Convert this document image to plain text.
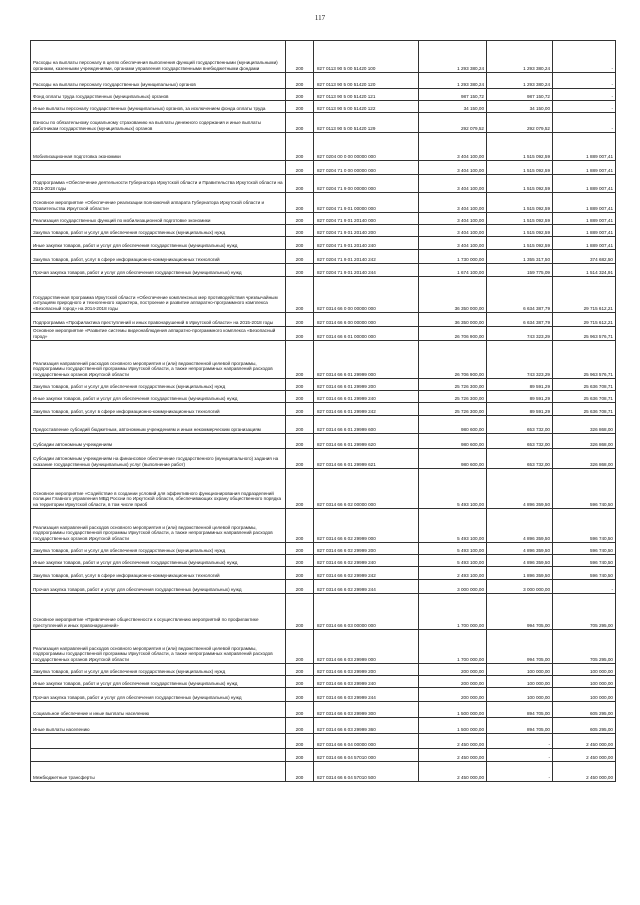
117
Расходы на выплаты персоналу в целях обеспечения выполнения функций государственными (муниципальными) органами, казенными учреждениями, органами управления государственными внебюджетными фондами	200	827 0113 90 5 00 51420 100	1 293 380,24	1 293 380,24	-
Расходы на выплаты персоналу государственных (муниципальных) органов	200	827 0113 90 5 00 51420 120	1 293 380,24	1 293 380,24	-
Фонд оплаты труда государственных (муниципальных) органов	200	827 0113 90 5 00 51420 121	987 150,72	987 150,72	-
Иные выплаты персоналу государственных (муниципальных) органов, за исключением фонда оплаты труда	200	827 0113 90 5 00 51420 122	34 150,00	34 150,00	-
Взносы по обязательному социальному страхованию на выплаты денежного содержания и иные выплаты работникам государственных (муниципальных) органов	200	827 0113 90 5 00 51420 129	292 079,52	292 079,52	-
Мобилизационная подготовка экономики	200	827 0204 00 0 00 00000 000	3 404 100,00	1 515 092,59	1 889 007,41
	200	827 0204 71 0 00 00000 000	3 404 100,00	1 515 092,59	1 889 007,41
Подпрограмма «Обеспечение деятельности Губернатора Иркутской области и Правительства Иркутской области на 2015-2018 годы	200	827 0204 71 9 00 00000 000	3 404 100,00	1 515 092,59	1 889 007,41
Основное мероприятие «Обеспечение реализации полномочий аппарата Губернатора Иркутской области и Правительства Иркутской области»	200	827 0204 71 9 01 00000 000	3 404 100,00	1 515 092,59	1 889 007,41
Реализация государственных функций по мобилизационной подготовке экономики	200	827 0204 71 9 01 20140 000	3 404 100,00	1 515 092,59	1 889 007,41
Закупка товаров, работ и услуг для обеспечения государственных (муниципальных) нужд	200	827 0204 71 9 01 20140 200	3 404 100,00	1 515 092,59	1 889 007,41
Иные закупки товаров, работ и услуг для обеспечения государственных (муниципальных) нужд	200	827 0204 71 9 01 20140 240	3 404 100,00	1 515 092,59	1 889 007,41
Закупка товаров, работ, услуг в сфере информационно-коммуникационных технологий	200	827 0204 71 9 01 20140 242	1 730 000,00	1 355 317,50	374 682,50
Прочая закупка товаров, работ и услуг для обеспечения государственных (муниципальных) нужд	200	827 0204 71 9 01 20140 244	1 674 100,00	159 775,09	1 514 324,91
Государственная программа Иркутской области «Обеспечение комплексных мер противодействия чрезвычайным ситуациям природного и техногенного характера, построение и развитие аппаратно-программного комплекса «Безопасный город» на 2014-2018 годы	200	827 0314 66 0 00 00000 000	36 350 000,00	6 634 387,79	29 715 612,21
Подпрограмма «Профилактика преступлений и иных правонарушений в Иркутской области» на 2015-2018 годы	200	827 0314 66 6 00 00000 000	36 350 000,00	6 634 387,79	29 715 612,21
Основное мероприятие «Развитие системы видеонаблюдения аппаратно-программного комплекса «Безопасный город»	200	827 0314 66 6 01 00000 000	26 706 900,00	743 323,29	25 963 576,71
Реализация направлений расходов основного мероприятия и (или) ведомственной целевой программы, подпрограммы государственной программы Иркутской области, а также непрограммных направлений расходов государственных органов Иркутской области	200	827 0314 66 6 01 29999 000	26 706 900,00	743 323,29	25 963 576,71
Закупка товаров, работ и услуг для обеспечения государственных (муниципальных) нужд	200	827 0314 66 6 01 29999 200	25 726 300,00	89 591,29	25 636 708,71
Иные закупки товаров, работ и услуг для обеспечения государственных (муниципальных) нужд	200	827 0314 66 6 01 29999 240	25 726 300,00	89 591,29	25 636 708,71
Закупка товаров, работ, услуг в сфере информационно-коммуникационных технологий	200	827 0314 66 6 01 29999 242	25 726 300,00	89 591,29	25 636 708,71
Предоставление субсидий бюджетным, автономным учреждениям и иным некоммерческим организациям	200	827 0314 66 6 01 29999 600	980 600,00	653 732,00	326 868,00
Субсидии автономным учреждениям	200	827 0314 66 6 01 29999 620	980 600,00	653 732,00	326 868,00
Субсидии автономным учреждениям на финансовое обеспечение государственного (муниципального) задания на оказание государственных (муниципальных) услуг (выполнение работ)	200	827 0314 66 6 01 29999 621	980 600,00	653 732,00	326 868,00
Основное мероприятие «Содействие в создании условий для эффективного функционирования подразделений полиции Главного управления МВД России по Иркутской области, обеспечивающих охрану общественного порядка на территории Иркутской области, в том числе приоб	200	827 0314 66 6 02 00000 000	5 493 100,00	4 896 359,50	596 740,50
Реализация направлений расходов основного мероприятия и (или) ведомственной целевой программы, подпрограммы государственной программы Иркутской области, а также непрограммных направлений расходов государственных органов Иркутской области	200	827 0314 66 6 02 29999 000	5 493 100,00	4 896 359,50	596 740,50
Закупка товаров, работ и услуг для обеспечения государственных (муниципальных) нужд	200	827 0314 66 6 02 29999 200	5 493 100,00	4 896 359,50	596 740,50
Иные закупки товаров, работ и услуг для обеспечения государственных (муниципальных) нужд	200	827 0314 66 6 02 29999 240	5 493 100,00	4 896 359,50	596 740,50
Закупка товаров, работ, услуг в сфере информационно-коммуникационных технологий	200	827 0314 66 6 02 29999 242	2 493 100,00	1 896 359,50	596 740,50
Прочая закупка товаров, работ и услуг для обеспечения государственных (муниципальных) нужд	200	827 0314 66 6 02 29999 244	3 000 000,00	3 000 000,00	-
Основное мероприятие «Привлечение общественности к осуществлению мероприятий по профилактике преступлений и иных правонарушений»	200	827 0314 66 6 03 00000 000	1 700 000,00	994 705,00	705 295,00
Реализация направлений расходов основного мероприятия и (или) ведомственной целевой программы, подпрограммы государственной программы Иркутской области, а также непрограммных направлений расходов государственных органов Иркутской области	200	827 0314 66 6 03 29999 000	1 700 000,00	994 705,00	705 295,00
Закупка товаров, работ и услуг для обеспечения государственных (муниципальных) нужд	200	827 0314 66 6 03 29999 200	200 000,00	100 000,00	100 000,00
Иные закупки товаров, работ и услуг для обеспечения государственных (муниципальных) нужд	200	827 0314 66 6 03 29999 240	200 000,00	100 000,00	100 000,00
Прочая закупка товаров, работ и услуг для обеспечения государственных (муниципальных) нужд	200	827 0314 66 6 03 29999 244	200 000,00	100 000,00	100 000,00
Социальное обеспечение и иные выплаты населению	200	827 0314 66 6 03 29999 300	1 500 000,00	894 705,00	605 295,00
Иные выплаты населению	200	827 0314 66 6 03 29999 360	1 500 000,00	894 705,00	605 295,00
	200	827 0314 66 6 04 00000 000	2 450 000,00	-	2 450 000,00
	200	827 0314 66 6 04 57010 000	2 450 000,00	-	2 450 000,00
Межбюджетные трансферты	200	827 0314 66 6 04 57010 500	2 450 000,00	-	2 450 000,00
